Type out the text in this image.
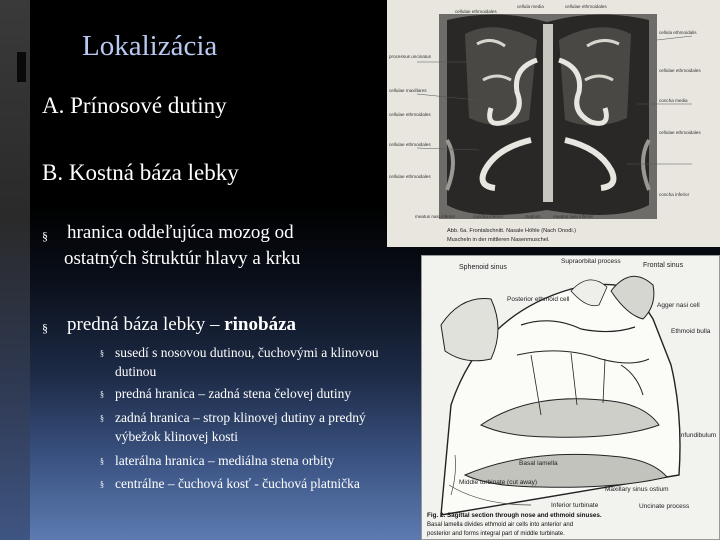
Lokalizácia
A. Prínosové dutiny
B. Kostná báza lebky
§	hranica oddeľujúca mozog od
ostatných štruktúr hlavy a krku
§	predná báza lebky – rinobáza
§ susedí s nosovou dutinou, čuchovými a klinovou
dutinou
§ predná hranica – zadná stena čelovej dutiny
§ zadná hranica – strop klinovej dutiny a predný
výbežok klinovej kosti
§ laterálna hranica – mediálna stena orbity
§ centrálne – čuchová kosť - čuchová platnička
cellulae ethmoidales
cellula media	cellulae ethmoidales
processus uncinatus
cellulae maxillares
cellulae ethmoidales
cellulae ethmoidales
cellulae ethmoidales
cellula ethmoidalis
cellulae ethmoidales
concha media
cellulae ethmoidales
concha inferior
meatus nasi inferior	concha inferior	Septum	meatus nasi inferior
Abb. 6a. Frontalschnitt. Nasale Höhle (Nach Onodi.)
Muscheln in der mittleren Nasenmuschel.
Sphenoid sinus
Supraorbital process
Frontal sinus
Posterior ethmoid cell
Agger nasi cell
Ethmoid bulla
Uncinate process
Basal lamella
Inferior turbinate
Middle turbinate (cut away)
Maxillary sinus ostium
Infundibulum
Fig. 2. Sagittal section through nose and ethmoid sinuses.
Basal lamella divides ethmoid air cells into anterior and
posterior and forms integral part of middle turbinate.
